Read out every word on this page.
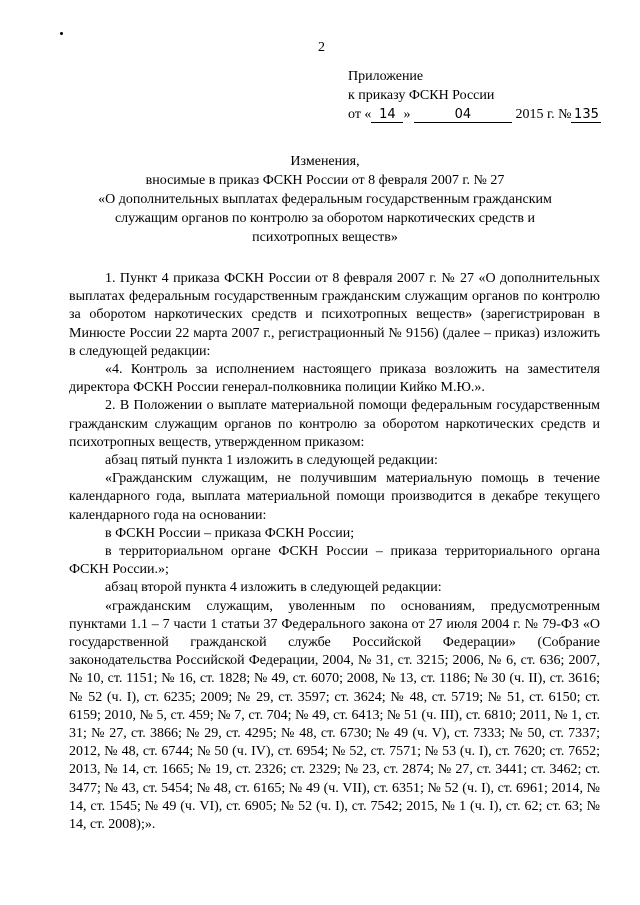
2
Приложение
к приказу ФСКН России
от « 14 »	04	2015 г. № 135
Изменения,
вносимые в приказ ФСКН России от 8 февраля 2007 г. № 27
«О дополнительных выплатах федеральным государственным гражданским служащим органов по контролю за оборотом наркотических средств и психотропных веществ»

1. Пункт 4 приказа ФСКН России от 8 февраля 2007 г. № 27 «О дополнительных выплатах федеральным государственным гражданским служащим органов по контролю за оборотом наркотических средств и психотропных веществ» (зарегистрирован в Минюсте России 22 марта 2007 г., регистрационный № 9156) (далее – приказ) изложить в следующей редакции:

«4. Контроль за исполнением настоящего приказа возложить на заместителя директора ФСКН России генерал-полковника полиции Кийко М.Ю.».

2. В Положении о выплате материальной помощи федеральным государственным гражданским служащим органов по контролю за оборотом наркотических средств и психотропных веществ, утвержденном приказом:

абзац пятый пункта 1 изложить в следующей редакции:

«Гражданским служащим, не получившим материальную помощь в течение календарного года, выплата материальной помощи производится в декабре текущего календарного года на основании:

в ФСКН России – приказа ФСКН России;

в территориальном органе ФСКН России – приказа территориального органа ФСКН России.»;

абзац второй пункта 4 изложить в следующей редакции:

«гражданским служащим, уволенным по основаниям, предусмотренным пунктами 1.1 – 7 части 1 статьи 37 Федерального закона от 27 июля 2004 г. № 79-ФЗ «О государственной гражданской службе Российской Федерации» (Собрание законодательства Российской Федерации, 2004, № 31, ст. 3215; 2006, № 6, ст. 636; 2007, № 10, ст. 1151; № 16, ст. 1828; № 49, ст. 6070; 2008, № 13, ст. 1186; № 30 (ч. II), ст. 3616; № 52 (ч. I), ст. 6235; 2009; № 29, ст. 3597; ст. 3624; № 48, ст. 5719; № 51, ст. 6150; ст. 6159; 2010, № 5, ст. 459; № 7, ст. 704; № 49, ст. 6413; № 51 (ч. III), ст. 6810; 2011, № 1, ст. 31; № 27, ст. 3866; № 29, ст. 4295; № 48, ст. 6730; № 49 (ч. V), ст. 7333; № 50, ст. 7337; 2012, № 48, ст. 6744; № 50 (ч. IV), ст. 6954; № 52, ст. 7571; № 53 (ч. I), ст. 7620; ст. 7652; 2013, № 14, ст. 1665; № 19, ст. 2326; ст. 2329; № 23, ст. 2874; № 27, ст. 3441; ст. 3462; ст. 3477; № 43, ст. 5454; № 48, ст. 6165; № 49 (ч. VII), ст. 6351; № 52 (ч. I), ст. 6961; 2014, № 14, ст. 1545; № 49 (ч. VI), ст. 6905; № 52 (ч. I), ст. 7542; 2015, № 1 (ч. I), ст. 62; ст. 63; № 14, ст. 2008);».
